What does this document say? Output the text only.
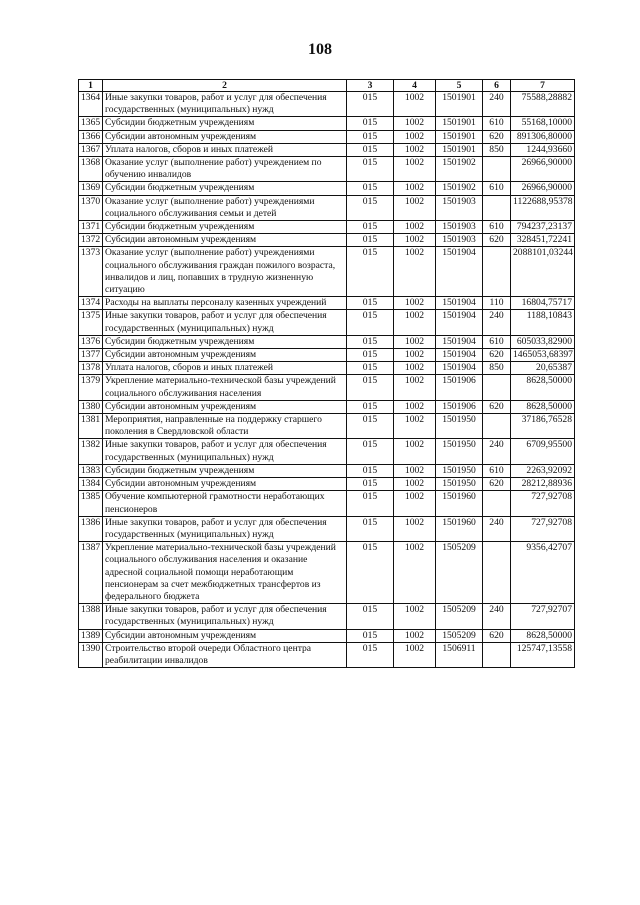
108
1	2	3	4	5	6	7
1364	Иные закупки товаров, работ и услуг для обеспечения государственных (муниципальных) нужд	015	1002	1501901	240	75588,28882
1365	Субсидии бюджетным учреждениям	015	1002	1501901	610	55168,10000
1366	Субсидии автономным учреждениям	015	1002	1501901	620	891306,80000
1367	Уплата налогов, сборов и иных платежей	015	1002	1501901	850	1244,93660
1368	Оказание услуг (выполнение работ) учреждением по обучению инвалидов	015	1002	1501902		26966,90000
1369	Субсидии бюджетным учреждениям	015	1002	1501902	610	26966,90000
1370	Оказание услуг (выполнение работ) учреждениями социального обслуживания семьи и детей	015	1002	1501903		1122688,95378
1371	Субсидии бюджетным учреждениям	015	1002	1501903	610	794237,23137
1372	Субсидии автономным учреждениям	015	1002	1501903	620	328451,72241
1373	Оказание услуг (выполнение работ) учреждениями социального обслуживания граждан пожилого возраста, инвалидов и лиц, попавших в трудную жизненную ситуацию	015	1002	1501904		2088101,03244
1374	Расходы на выплаты персоналу казенных учреждений	015	1002	1501904	110	16804,75717
1375	Иные закупки товаров, работ и услуг для обеспечения государственных (муниципальных) нужд	015	1002	1501904	240	1188,10843
1376	Субсидии бюджетным учреждениям	015	1002	1501904	610	605033,82900
1377	Субсидии автономным учреждениям	015	1002	1501904	620	1465053,68397
1378	Уплата налогов, сборов и иных платежей	015	1002	1501904	850	20,65387
1379	Укрепление материально-технической базы учреждений социального обслуживания населения	015	1002	1501906		8628,50000
1380	Субсидии автономным учреждениям	015	1002	1501906	620	8628,50000
1381	Мероприятия, направленные на поддержку старшего поколения в Свердловской области	015	1002	1501950		37186,76528
1382	Иные закупки товаров, работ и услуг для обеспечения государственных (муниципальных) нужд	015	1002	1501950	240	6709,95500
1383	Субсидии бюджетным учреждениям	015	1002	1501950	610	2263,92092
1384	Субсидии автономным учреждениям	015	1002	1501950	620	28212,88936
1385	Обучение компьютерной грамотности неработающих пенсионеров	015	1002	1501960		727,92708
1386	Иные закупки товаров, работ и услуг для обеспечения государственных (муниципальных) нужд	015	1002	1501960	240	727,92708
1387	Укрепление материально-технической базы учреждений социального обслуживания населения и оказание адресной социальной помощи неработающим пенсионерам за счет межбюджетных трансфертов из федерального бюджета	015	1002	1505209		9356,42707
1388	Иные закупки товаров, работ и услуг для обеспечения государственных (муниципальных) нужд	015	1002	1505209	240	727,92707
1389	Субсидии автономным учреждениям	015	1002	1505209	620	8628,50000
1390	Строительство второй очереди Областного центра реабилитации инвалидов	015	1002	1506911		125747,13558
